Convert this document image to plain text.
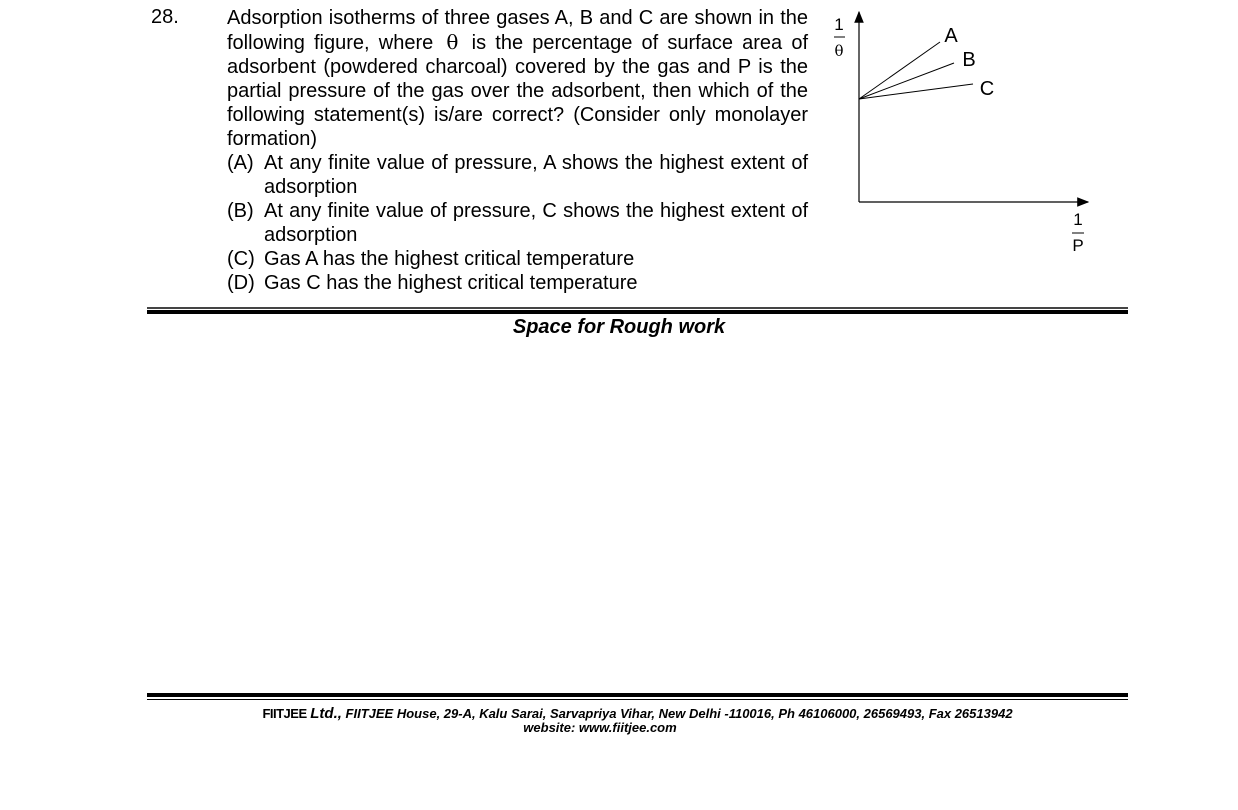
28. Adsorption isotherms of three gases A, B and C are shown in the following figure, where θ is the percentage of surface area of adsorbent (powdered charcoal) covered by the gas and P is the partial pressure of the gas over the adsorbent, then which of the following statement(s) is/are correct? (Consider only monolayer formation)
(A) At any finite value of pressure, A shows the highest extent of adsorption
(B) At any finite value of pressure, C shows the highest extent of adsorption
(C) Gas A has the highest critical temperature
(D) Gas C has the highest critical temperature
1
θ
1
P
A
B
C
Space for Rough work
FIITJEE Ltd., FIITJEE House, 29-A, Kalu Sarai, Sarvapriya Vihar, New Delhi -110016, Ph 46106000, 26569493, Fax 26513942
website: www.fiitjee.com
